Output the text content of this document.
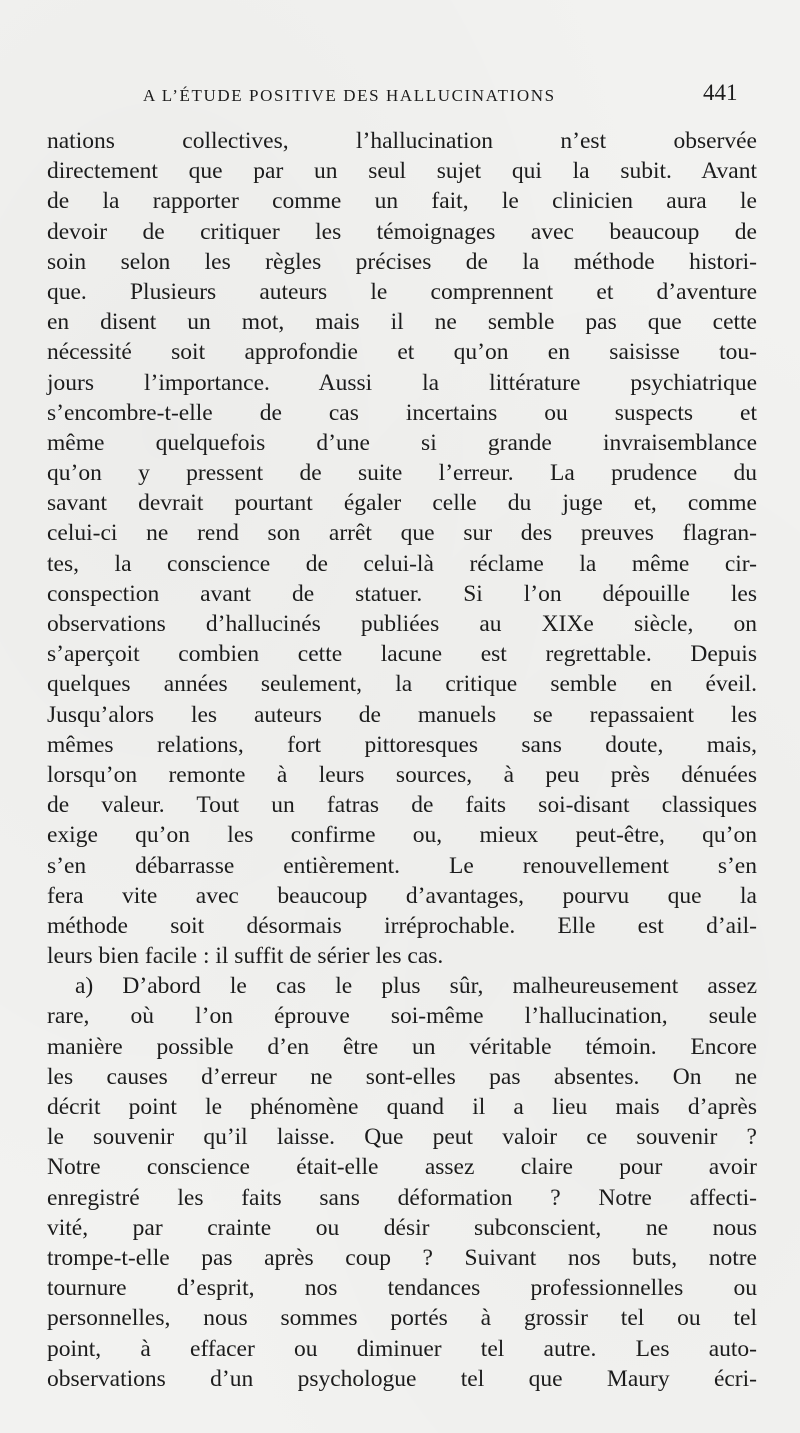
A L’ÉTUDE POSITIVE DES HALLUCINATIONS	441
nations collectives, l’hallucination n’est observée
directement que par un seul sujet qui la subit. Avant
de la rapporter comme un fait, le clinicien aura le
devoir de critiquer les témoignages avec beaucoup de
soin selon les règles précises de la méthode histori-
que. Plusieurs auteurs le comprennent et d’aventure
en disent un mot, mais il ne semble pas que cette
nécessité soit approfondie et qu’on en saisisse tou-
jours l’importance. Aussi la littérature psychiatrique
s’encombre-t-elle de cas incertains ou suspects et
même quelquefois d’une si grande invraisemblance
qu’on y pressent de suite l’erreur. La prudence du
savant devrait pourtant égaler celle du juge et, comme
celui-ci ne rend son arrêt que sur des preuves flagran-
tes, la conscience de celui-là réclame la même cir-
conspection avant de statuer. Si l’on dépouille les
observations d’hallucinés publiées au XIXe siècle, on
s’aperçoit combien cette lacune est regrettable. Depuis
quelques années seulement, la critique semble en éveil.
Jusqu’alors les auteurs de manuels se repassaient les
mêmes relations, fort pittoresques sans doute, mais,
lorsqu’on remonte à leurs sources, à peu près dénuées
de valeur. Tout un fatras de faits soi-disant classiques
exige qu’on les confirme ou, mieux peut-être, qu’on
s’en débarrasse entièrement. Le renouvellement s’en
fera vite avec beaucoup d’avantages, pourvu que la
méthode soit désormais irréprochable. Elle est d’ail-
leurs bien facile : il suffit de sérier les cas.
a) D’abord le cas le plus sûr, malheureusement assez
rare, où l’on éprouve soi-même l’hallucination, seule
manière possible d’en être un véritable témoin. Encore
les causes d’erreur ne sont-elles pas absentes. On ne
décrit point le phénomène quand il a lieu mais d’après
le souvenir qu’il laisse. Que peut valoir ce souvenir ?
Notre conscience était-elle assez claire pour avoir
enregistré les faits sans déformation ? Notre affecti-
vité, par crainte ou désir subconscient, ne nous
trompe-t-elle pas après coup ? Suivant nos buts, notre
tournure d’esprit, nos tendances professionnelles ou
personnelles, nous sommes portés à grossir tel ou tel
point, à effacer ou diminuer tel autre. Les auto-
observations d’un psychologue tel que Maury écri-
